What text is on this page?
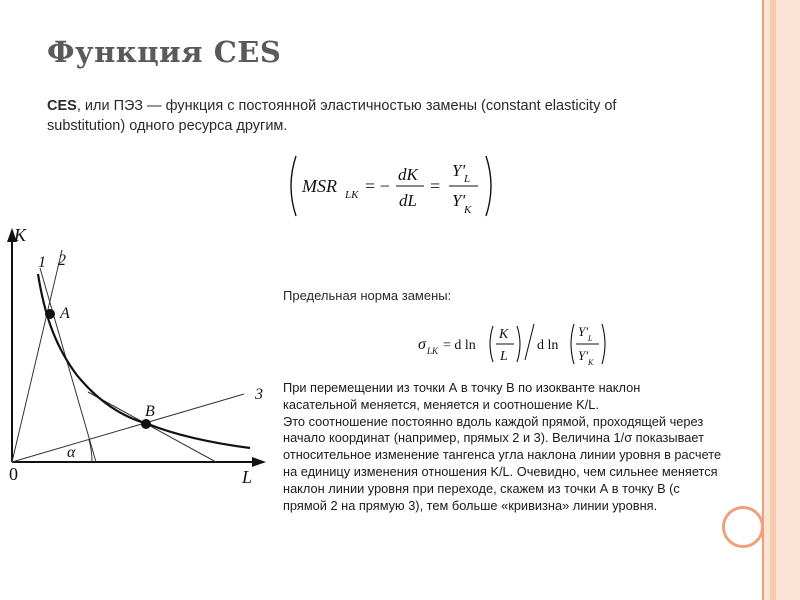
Функция CES
CES, или ПЭЗ — функция с постоянной эластичностью замены (constant elasticity of substitution) одного ресурса другим.
MSR LK = −
dK
dL
=
Y'
L
Y'
K
Предельная норма замены:
σ LK = d ln
K
L
d ln
Y' L
Y' K
При перемещении из точки А в точку В по изокванте наклон
касательной меняется, меняется и соотношение K/L.
Это соотношение постоянно вдоль каждой прямой, проходящей через
начало координат (например, прямых 2 и 3). Величина 1/σ показывает
относительное изменение тангенса угла наклона линии уровня в расчете
на единицу изменения отношения K/L. Очевидно, чем сильнее меняется
наклон линии уровня при переходе, скажем из точки А в точку В (с
прямой 2 на прямую 3), тем больше «кривизна» линии уровня.
K
L
0
1 2
3
A
B
α
